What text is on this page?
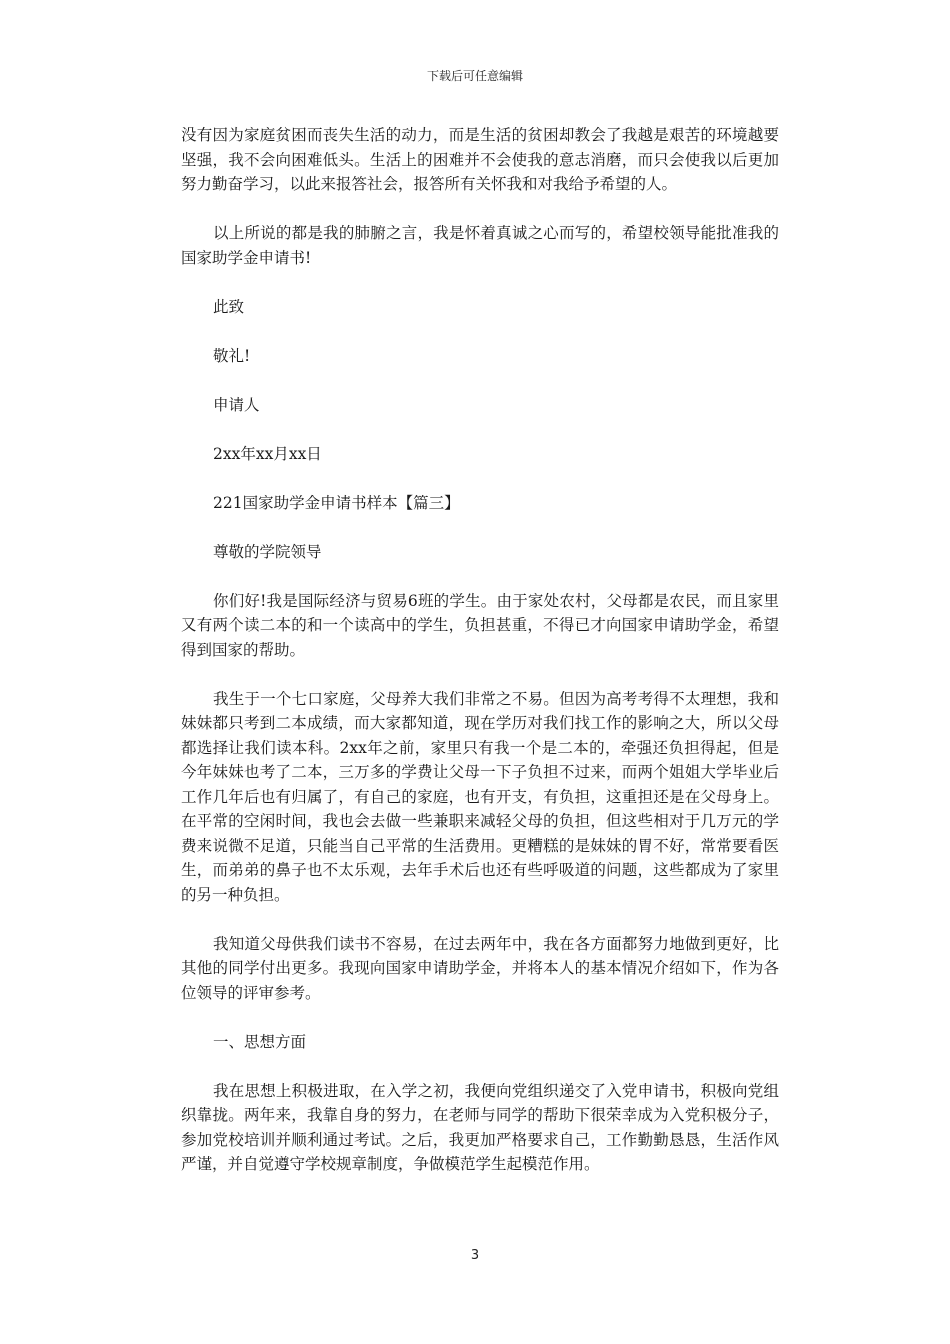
下载后可任意编辑

没有因为家庭贫困而丧失生活的动力，而是生活的贫困却教会了我越是艰苦的环境越要坚强，我不会向困难低头。生活上的困难并不会使我的意志消磨，而只会使我以后更加努力勤奋学习，以此来报答社会，报答所有关怀我和对我给予希望的人。

以上所说的都是我的肺腑之言，我是怀着真诚之心而写的，希望校领导能批准我的国家助学金申请书!

此致

敬礼!

申请人

2xx年xx月xx日

221国家助学金申请书样本【篇三】

尊敬的学院领导

你们好!我是国际经济与贸易6班的学生。由于家处农村，父母都是农民，而且家里又有两个读二本的和一个读高中的学生，负担甚重，不得已才向国家申请助学金，希望得到国家的帮助。

我生于一个七口家庭，父母养大我们非常之不易。但因为高考考得不太理想，我和妹妹都只考到二本成绩，而大家都知道，现在学历对我们找工作的影响之大，所以父母都选择让我们读本科。2xx年之前，家里只有我一个是二本的，牵强还负担得起，但是今年妹妹也考了二本，三万多的学费让父母一下子负担不过来，而两个姐姐大学毕业后工作几年后也有归属了，有自己的家庭，也有开支，有负担，这重担还是在父母身上。在平常的空闲时间，我也会去做一些兼职来减轻父母的负担，但这些相对于几万元的学费来说微不足道，只能当自己平常的生活费用。更糟糕的是妹妹的胃不好，常常要看医生，而弟弟的鼻子也不太乐观，去年手术后也还有些呼吸道的问题，这些都成为了家里的另一种负担。

我知道父母供我们读书不容易，在过去两年中，我在各方面都努力地做到更好，比其他的同学付出更多。我现向国家申请助学金，并将本人的基本情况介绍如下，作为各位领导的评审参考。

一、思想方面

我在思想上积极进取，在入学之初，我便向党组织递交了入党申请书，积极向党组织靠拢。两年来，我靠自身的努力，在老师与同学的帮助下很荣幸成为入党积极分子，参加党校培训并顺利通过考试。之后，我更加严格要求自己，工作勤勤恳恳，生活作风严谨，并自觉遵守学校规章制度，争做模范学生起模范作用。

3
